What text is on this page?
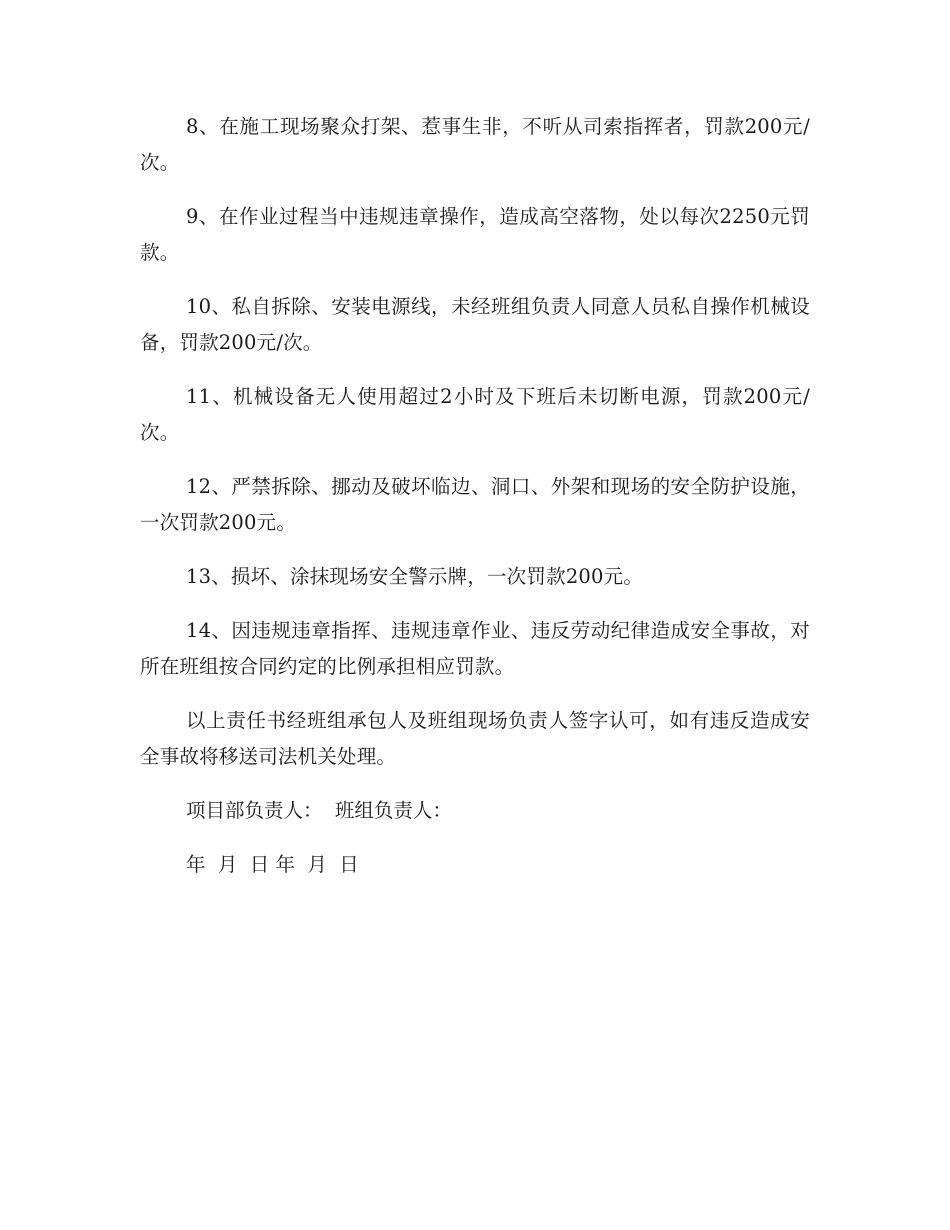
8、在施工现场聚众打架、惹事生非，不听从司索指挥者，罚款200元/次。

9、在作业过程当中违规违章操作，造成高空落物，处以每次2250元罚款。

10、私自拆除、安装电源线，未经班组负责人同意人员私自操作机械设备，罚款200元/次。

11、机械设备无人使用超过2小时及下班后未切断电源，罚款200元/次。

12、严禁拆除、挪动及破坏临边、洞口、外架和现场的安全防护设施，一次罚款200元。

13、损坏、涂抹现场安全警示牌，一次罚款200元。

14、因违规违章指挥、违规违章作业、违反劳动纪律造成安全事故，对所在班组按合同约定的比例承担相应罚款。

以上责任书经班组承包人及班组现场负责人签字认可，如有违反造成安全事故将移送司法机关处理。

项目部负责人：  班组负责人：
年  月  日 年  月  日
